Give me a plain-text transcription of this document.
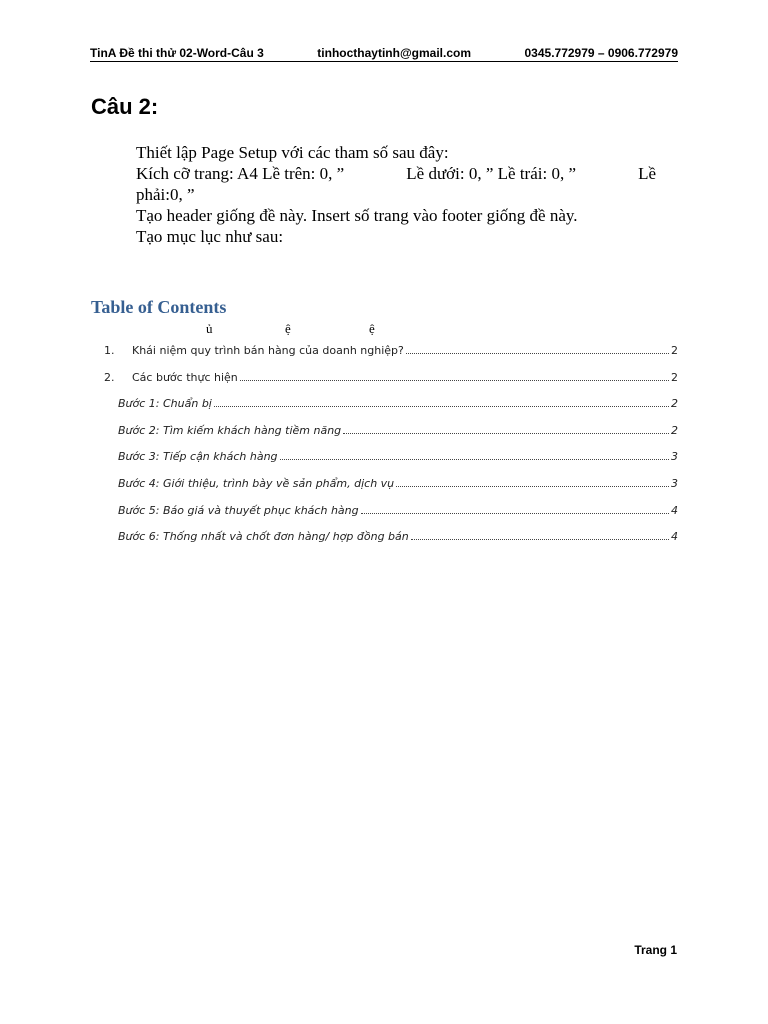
TinA Đề thi thử 02-Word-Câu 3	tinhocthaytinh@gmail.com	0345.772979 – 0906.772979
Câu 2:
Thiết lập Page Setup với các tham số sau đây:
Kích cỡ trang: A4 Lề trên: 0, ”	Lề dưới: 0, ” Lề trái: 0, ”	Lề
phải:0, ”
Tạo header giống đề này. Insert số trang vào footer giống đề này.
Tạo mục lục như sau:
Table of Contents
ủ	ệ	ệ
1.	Khái niệm quy trình bán hàng của doanh nghiệp?	2
2.	Các bước thực hiện	2
Bước 1: Chuẩn bị	2
Bước 2: Tìm kiếm khách hàng tiềm năng	2
Bước 3: Tiếp cận khách hàng	3
Bước 4: Giới thiệu, trình bày về sản phẩm, dịch vụ	3
Bước 5: Báo giá và thuyết phục khách hàng	4
Bước 6: Thống nhất và chốt đơn hàng/ hợp đồng bán	4
Trang 1
